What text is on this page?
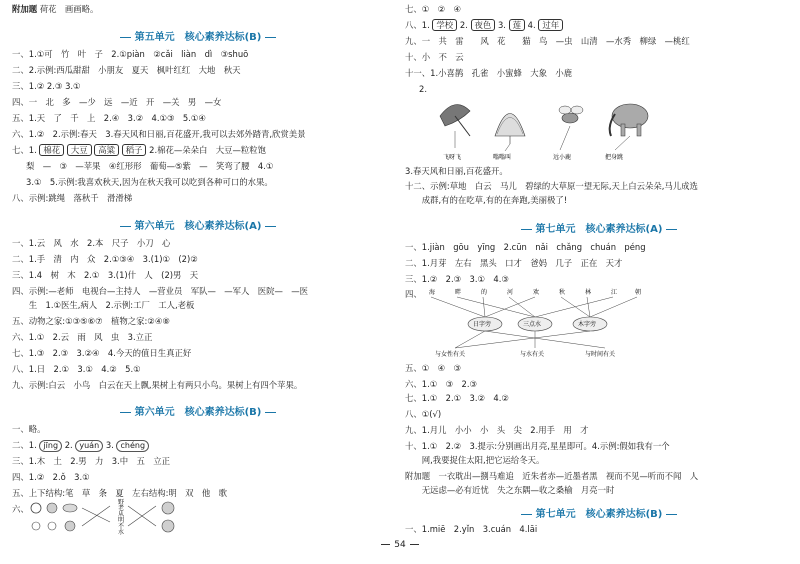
附加题 荷花　画画略。
第五单元　核心素养达标(B)
一、1.①可　竹　叶　子　2.①piàn　②cǎi　liàn　dì　③shuō
二、2.示例:西瓜甜甜　小朋友　夏天　枫叶红红　大地　秋天
三、1.② 2.③ 3.①
四、一　北　多　—少　远　—近　开　—关　男　—女
五、1.天　了　千　上　2.④　3.②　4.①③　5.①④
六、1.②　2.示例:春天　3.春天风和日丽,百花盛开,我可以去郊外踏青,欣赏美景
七、1. 棉花 大豆 高粱 稻子 2.棉花—朵朵白　大豆—粒粒饱
梨　—　③　—苹果　④红形形　葡萄—⑤紫　—　笑弯了腰　4.①
3.①　5.示例:我喜欢秋天,因为在秋天我可以吃到各种可口的水果。
八、示例:跳绳　落秋千　滑滑梯
第六单元　核心素养达标(A)
一、1.云　风　水　2.本　尺子　小刀　心
二、1.手　清　内　众　2.①③④　3.(1)①　(2)②
三、1.4　树　木　2.①　3.(1)什　人　(2)男　天
四、示例:—老师　电视台—主持人　—营业员　军队—　—军人　医院—　—医
　　生　1.①医生,病人　2.示例:工厂　工人,老板
五、动物之家:①③⑤⑥⑦　植物之家:②④⑧
六、1.①　2.云　雨　风　虫　3.立正
七、1.③　2.③　3.②④　4.今天的值日生真正好
八、1.日　2.①　3.①　4.②　5.①
九、示例:白云　小鸟　白云在天上飘,果树上有两只小鸟。果树上有四个苹果。
第六单元　核心素养达标(B)
一、略。
二、1. jīng 2. yuán 3. chéng
三、1.木　土　2.男　力　3.中　五　立正
四、1.②　2.ǒ　3.①
五、上下结构:笔　草　条　夏　左右结构:明　双　他　歌
六、
野
老
从
明
不
水
七、①　②　④
八、1. 学校 2. 夜色 3. 莲 4. 过年
九、一　共　雷　　风　花　　猫　鸟　—虫　山清　—水秀　柳绿　—桃红
十、小　不　云
十一、1.小喜鹊　孔雀　小蜜蜂　大象　小鹿
2.
飞呀飞	嗡嗡叫	远小鹿	把身跳
3.春天风和日丽,百花盛开。
十二、示例:草地　白云　马儿　碧绿的大草原一望无际,天上白云朵朵,马儿成选
　　成群,有的在吃草,有的在奔跑,美丽极了!
第七单元　核心素养达标(A)
一、1.jiàn　gōu　yīng　2.cūn　nǎi　chǎng　chuán　péng
二、1.月芽　左右　黑头　口才　爸妈　几子　正在　天才
三、1.②　2.③　3.①　4.③
四、 海	畔	的	河	欢	秋	林	江	朝
日字旁	三点水	木字旁
与女性有关	与水有关	与时间有关
五、①　④　③
六、1.①　③　2.③
七、1.①　2.①　3.②　4.②
八、①(√)
九、1.月儿　小小　小　头　尖　2.用手　用　才
十、1.①　2.②　3.提示:分别画出月亮,星星即可。4.示例:假如我有一个
　　网,我要捉住太阳,把它运给冬天。
附加题　一衣耽出—捌马难追　近朱者赤—近墨者黑　视而不见—听而不闻　人
　　无远虑—必有近忧　失之东隅—收之桑榆　月亮一时
第七单元　核心素养达标(B)
一、1.miē　2.yǐn　3.cuán　4.lāi
54
